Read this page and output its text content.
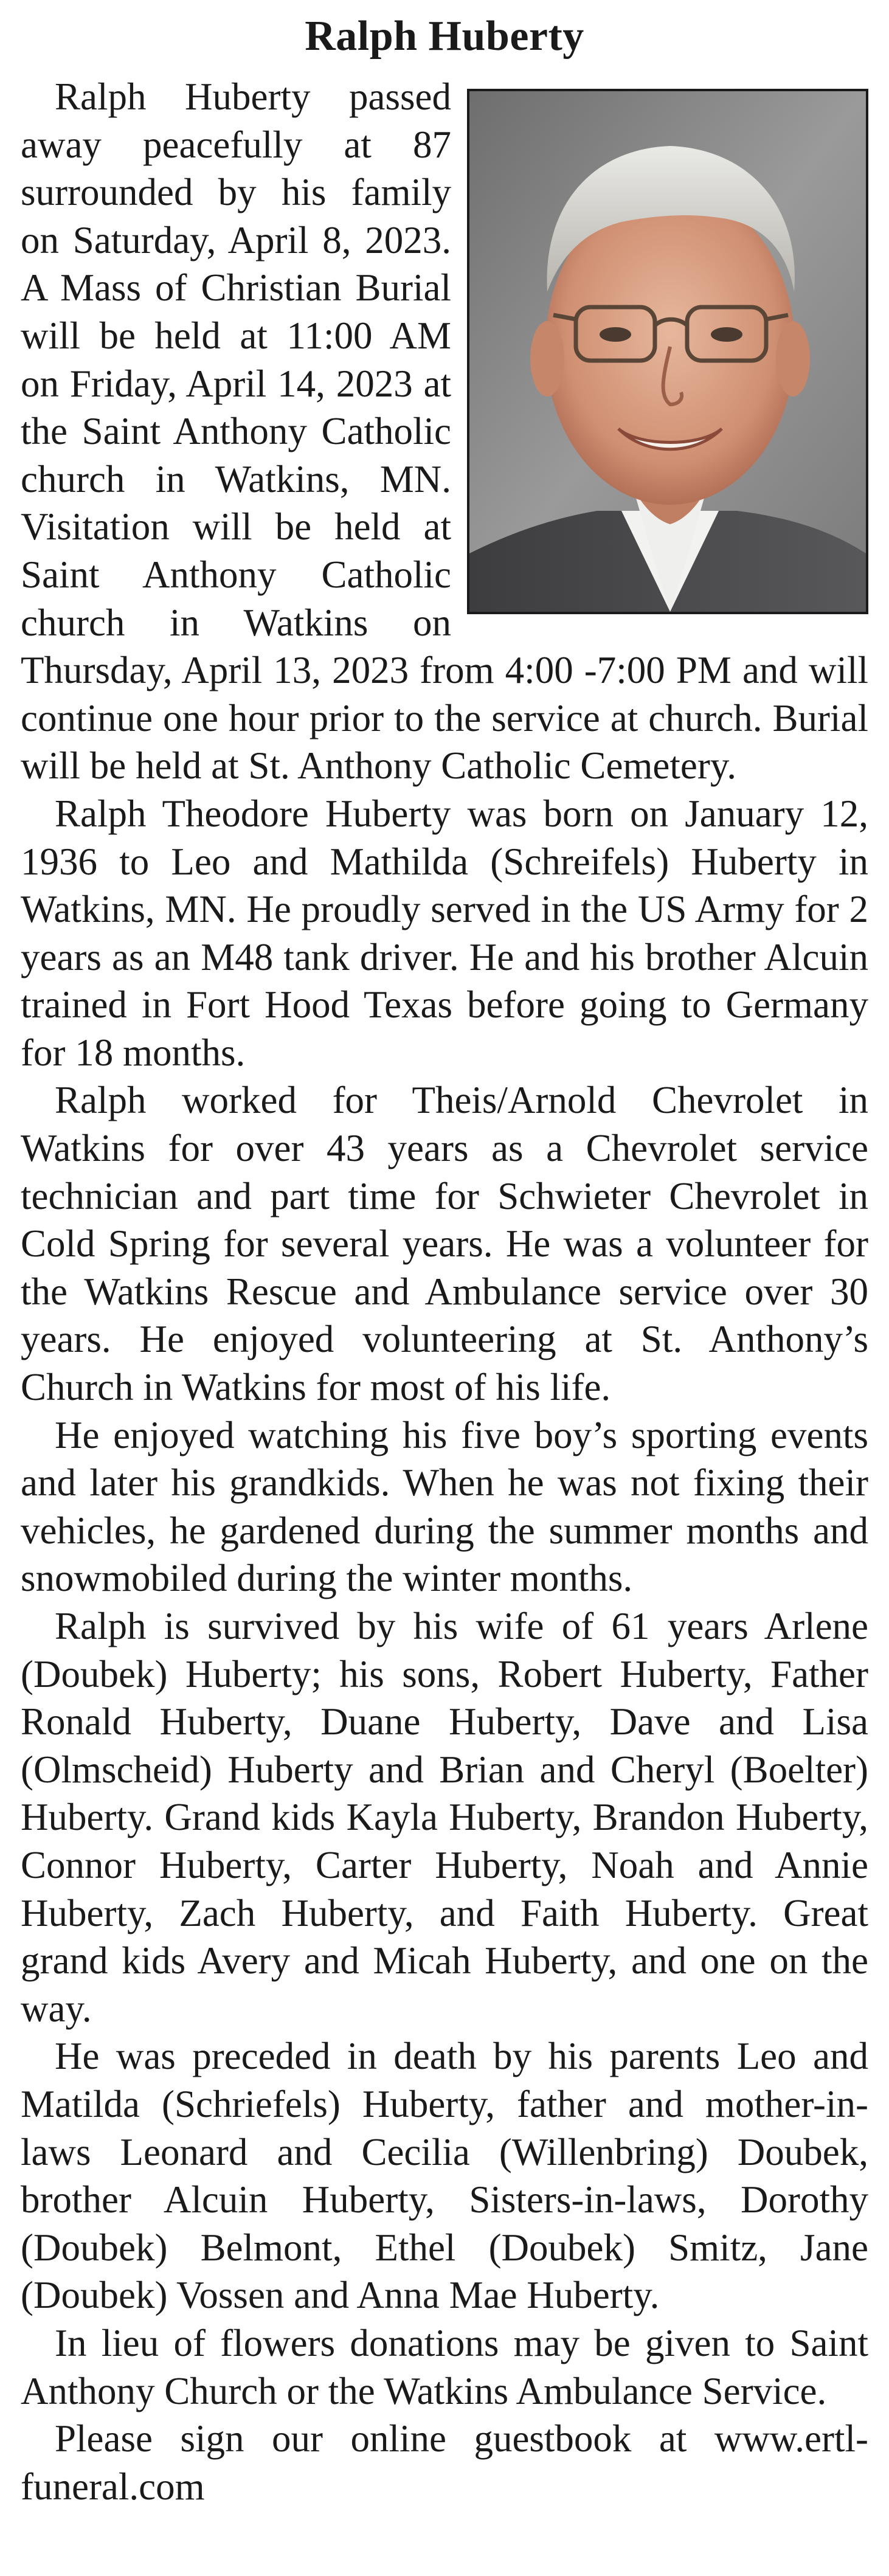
Ralph Huberty

Ralph Huberty passed away peacefully at 87 surrounded by his family on Saturday, April 8, 2023. A Mass of Christian Burial will be held at 11:00 AM on Friday, April 14, 2023 at the Saint Anthony Catholic church in Watkins, MN. Visitation will be held at Saint Anthony Catholic church in Watkins on Thursday, April 13, 2023 from 4:00 -7:00 PM and will continue one hour prior to the service at church. Burial will be held at St. Anthony Catholic Cemetery.

Ralph Theodore Huberty was born on January 12, 1936 to Leo and Mathilda (Schreifels) Huberty in Watkins, MN. He proudly served in the US Army for 2 years as an M48 tank driver. He and his brother Alcuin trained in Fort Hood Texas before going to Germany for 18 months.

Ralph worked for Theis/Arnold Chevrolet in Watkins for over 43 years as a Chevrolet service technician and part time for Schwieter Chevrolet in Cold Spring for several years. He was a volunteer for the Watkins Rescue and Ambulance service over 30 years. He enjoyed volunteering at St. Anthony’s Church in Watkins for most of his life.

He enjoyed watching his five boy’s sporting events and later his grandkids. When he was not fixing their vehicles, he gardened during the summer months and snowmobiled during the winter months.

Ralph is survived by his wife of 61 years Arlene (Doubek) Huberty; his sons, Robert Huberty, Father Ronald Huberty, Duane Huberty, Dave and Lisa (Olmscheid) Huberty and Brian and Cheryl (Boelter) Huberty. Grand kids Kayla Huberty, Brandon Huberty, Connor Huberty, Carter Huberty, Noah and Annie Huberty, Zach Huberty, and Faith Huberty. Great grand kids Avery and Micah Huberty, and one on the way.

He was preceded in death by his parents Leo and Matilda (Schriefels) Huberty, father and mother-in-laws Leonard and Cecilia (Willenbring) Doubek, brother Alcuin Huberty, Sisters-in-laws, Dorothy (Doubek) Belmont, Ethel (Doubek) Smitz, Jane (Doubek) Vossen and Anna Mae Huberty.

In lieu of flowers donations may be given to Saint Anthony Church or the Watkins Ambulance Service.

Please sign our online guestbook at www.ertl-funeral.com
